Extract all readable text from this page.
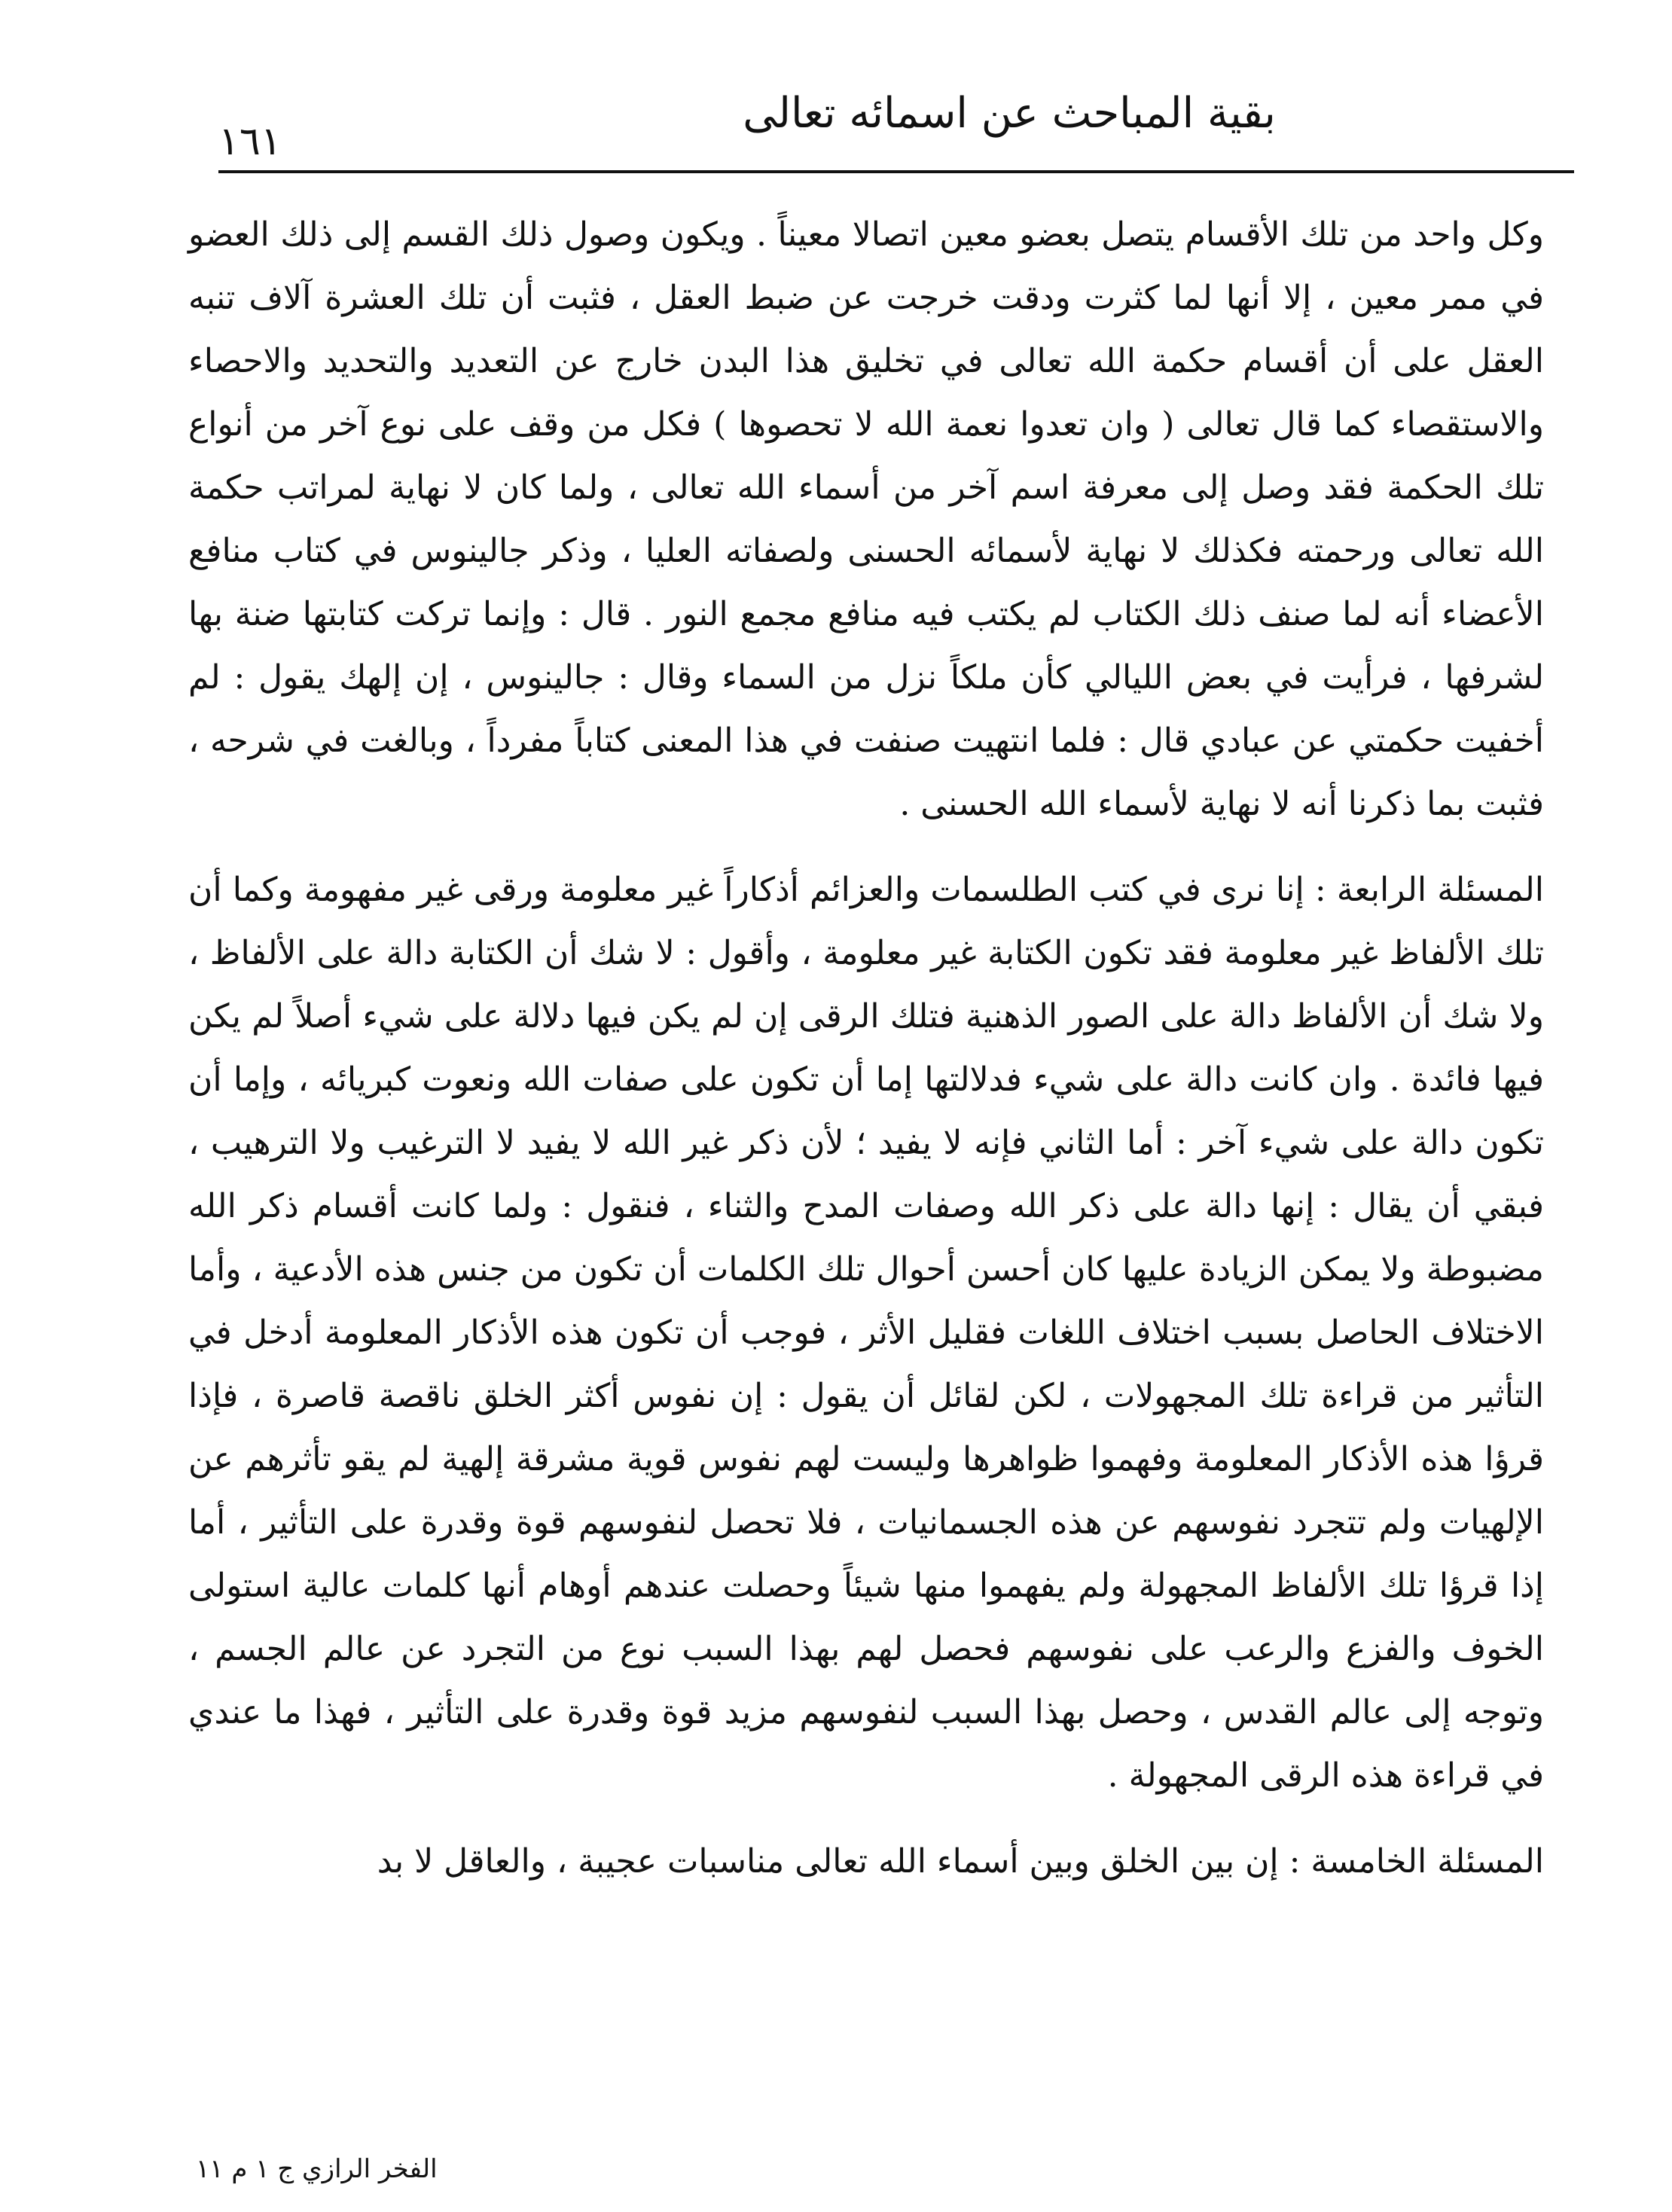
بقية المباحث عن اسمائه تعالى
١٦١

وكل واحد من تلك الأقسام يتصل بعضو معين اتصالا معيناً . ويكون وصول ذلك القسم إلى ذلك العضو في ممر معين ، إلا أنها لما كثرت ودقت خرجت عن ضبط العقل ، فثبت أن تلك العشرة آلاف تنبه العقل على أن أقسام حكمة الله تعالى في تخليق هذا البدن خارج عن التعديد والتحديد والاحصاء والاستقصاء كما قال تعالى ( وان تعدوا نعمة الله لا تحصوها ) فكل من وقف على نوع آخر من أنواع تلك الحكمة فقد وصل إلى معرفة اسم آخر من أسماء الله تعالى ، ولما كان لا نهاية لمراتب حكمة الله تعالى ورحمته فكذلك لا نهاية لأسمائه الحسنى ولصفاته العليا ، وذكر جالينوس في كتاب منافع الأعضاء أنه لما صنف ذلك الكتاب لم يكتب فيه منافع مجمع النور . قال : وإنما تركت كتابتها ضنة بها لشرفها ، فرأيت في بعض الليالي كأن ملكاً نزل من السماء وقال : جالينوس ، إن إلهك يقول : لم أخفيت حكمتي عن عبادي قال : فلما انتهيت صنفت في هذا المعنى كتاباً مفرداً ، وبالغت في شرحه ، فثبت بما ذكرنا أنه لا نهاية لأسماء الله الحسنى .

المسئلة الرابعة : إنا نرى في كتب الطلسمات والعزائم أذكاراً غير معلومة ورقى غير مفهومة وكما أن تلك الألفاظ غير معلومة فقد تكون الكتابة غير معلومة ، وأقول : لا شك أن الكتابة دالة على الألفاظ ، ولا شك أن الألفاظ دالة على الصور الذهنية فتلك الرقى إن لم يكن فيها دلالة على شيء أصلاً لم يكن فيها فائدة . وان كانت دالة على شيء فدلالتها إما أن تكون على صفات الله ونعوت كبريائه ، وإما أن تكون دالة على شيء آخر : أما الثاني فإنه لا يفيد ؛ لأن ذكر غير الله لا يفيد لا الترغيب ولا الترهيب ، فبقي أن يقال : إنها دالة على ذكر الله وصفات المدح والثناء ، فنقول : ولما كانت أقسام ذكر الله مضبوطة ولا يمكن الزيادة عليها كان أحسن أحوال تلك الكلمات أن تكون من جنس هذه الأدعية ، وأما الاختلاف الحاصل بسبب اختلاف اللغات فقليل الأثر ، فوجب أن تكون هذه الأذكار المعلومة أدخل في التأثير من قراءة تلك المجهولات ، لكن لقائل أن يقول : إن نفوس أكثر الخلق ناقصة قاصرة ، فإذا قرؤا هذه الأذكار المعلومة وفهموا ظواهرها وليست لهم نفوس قوية مشرقة إلهية لم يقو تأثرهم عن الإلهيات ولم تتجرد نفوسهم عن هذه الجسمانيات ، فلا تحصل لنفوسهم قوة وقدرة على التأثير ، أما إذا قرؤا تلك الألفاظ المجهولة ولم يفهموا منها شيئاً وحصلت عندهم أوهام أنها كلمات عالية استولى الخوف والفزع والرعب على نفوسهم فحصل لهم بهذا السبب نوع من التجرد عن عالم الجسم ، وتوجه إلى عالم القدس ، وحصل بهذا السبب لنفوسهم مزيد قوة وقدرة على التأثير ، فهذا ما عندي في قراءة هذه الرقى المجهولة .

المسئلة الخامسة : إن بين الخلق وبين أسماء الله تعالى مناسبات عجيبة ، والعاقل لا بد

الفخر الرازي ج ١ م ١١
